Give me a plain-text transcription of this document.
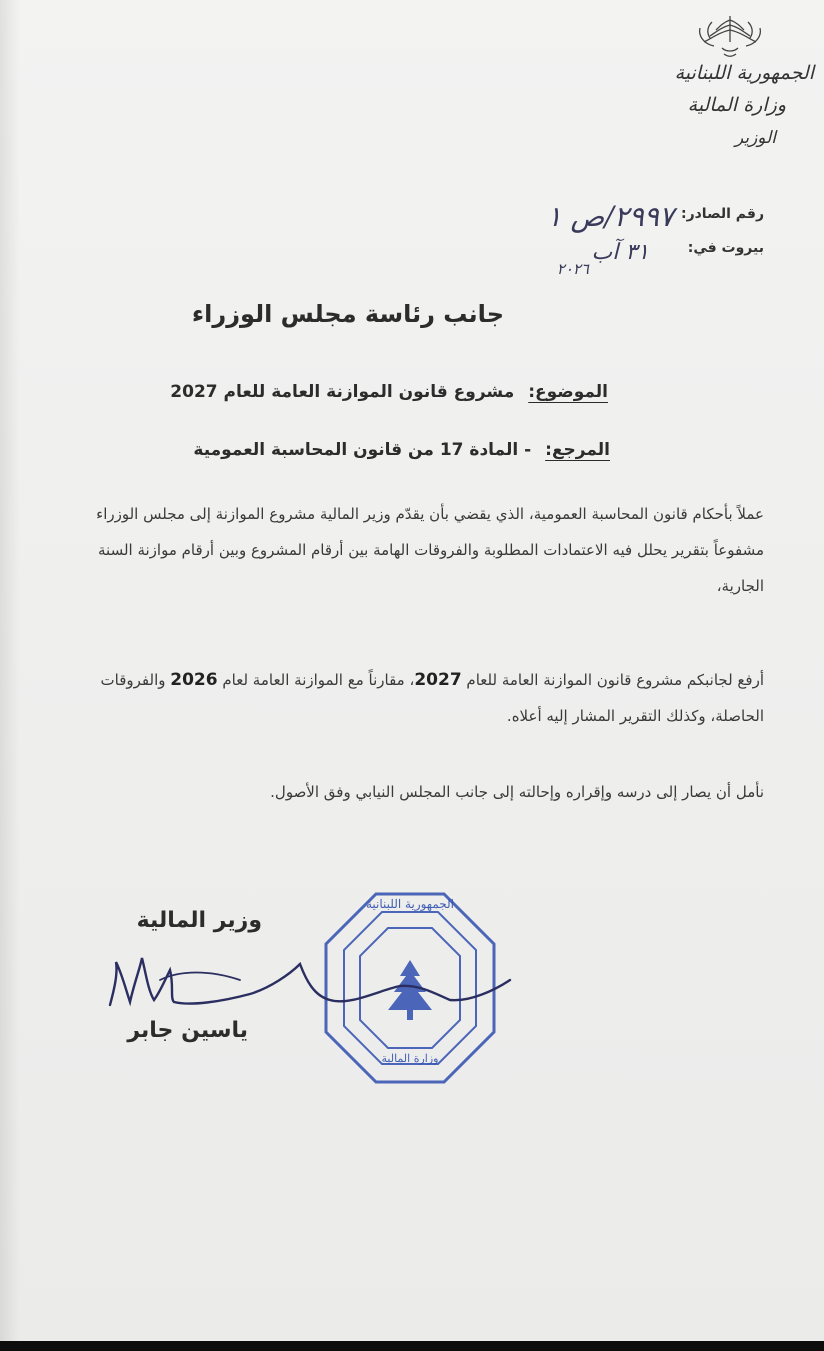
الجمهورية اللبنانية
وزارة المالية
الوزير
رقم الصادر:
٢٩٩٧/ص ١
بيروت في:
٣١ آب
٢٠٢٦
جانب رئاسة مجلس الوزراء
الموضوع:مشروع قانون الموازنة العامة للعام 2027
المرجع:- المادة 17 من قانون المحاسبة العمومية
عملاً بأحكام قانون المحاسبة العمومية، الذي يقضي بأن يقدّم وزير المالية مشروع الموازنة إلى مجلس الوزراء مشفوعاً بتقرير يحلل فيه الاعتمادات المطلوبة والفروقات الهامة بين أرقام المشروع وبين أرقام موازنة السنة الجارية،
أرفع لجانبكم مشروع قانون الموازنة العامة للعام 2027، مقارناً مع الموازنة العامة لعام 2026 والفروقات الحاصلة، وكذلك التقرير المشار إليه أعلاه.
نأمل أن يصار إلى درسه وإقراره وإحالته إلى جانب المجلس النيابي وفق الأصول.
الجمهورية اللبنانية
وزارة المالية
وزير المالية
ياسين جابر
